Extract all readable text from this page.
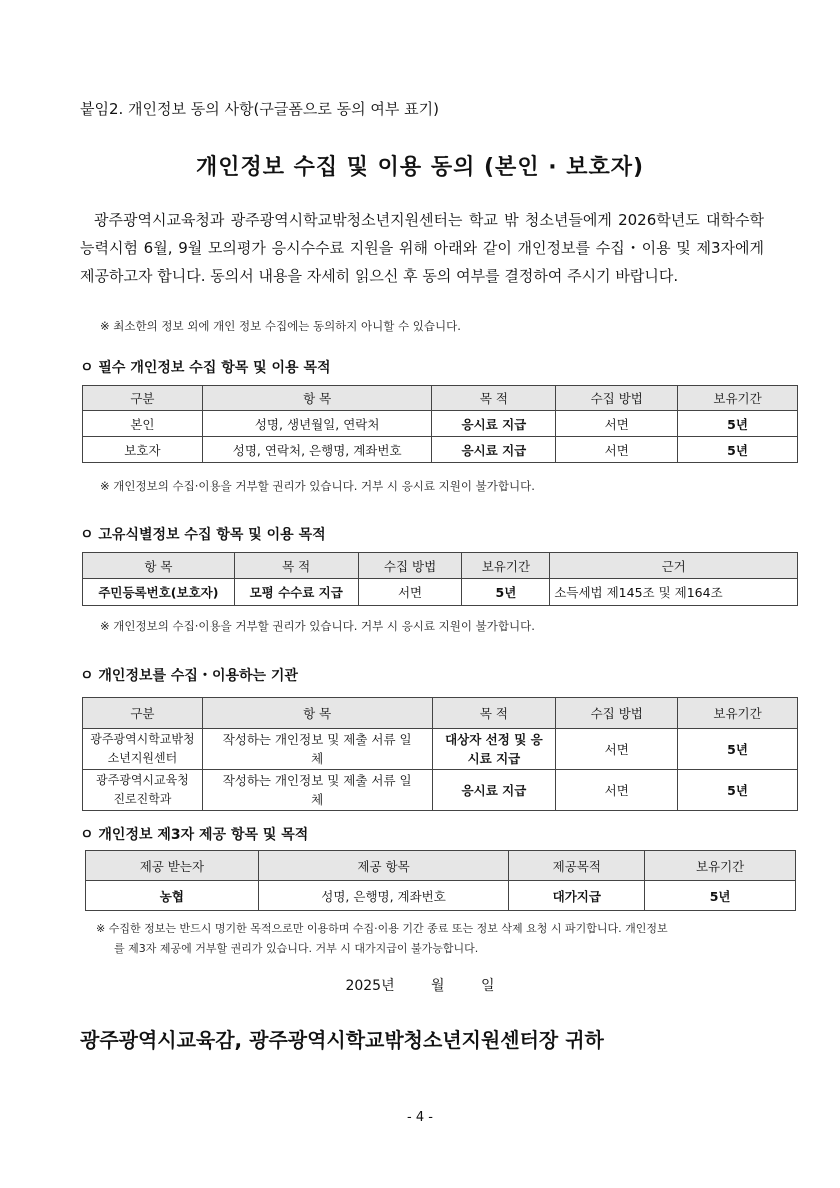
붙임2. 개인정보 동의 사항(구글폼으로 동의 여부 표기)
개인정보 수집 및 이용 동의 (본인 · 보호자)
광주광역시교육청과 광주광역시학교밖청소년지원센터는 학교 밖 청소년들에게 2026학년도 대학수학능력시험 6월, 9월 모의평가 응시수수료 지원을 위해 아래와 같이 개인정보를 수집・이용 및 제3자에게 제공하고자 합니다. 동의서 내용을 자세히 읽으신 후 동의 여부를 결정하여 주시기 바랍니다.
※ 최소한의 정보 외에 개인 정보 수집에는 동의하지 아니할 수 있습니다.
ㅇ 필수 개인정보 수집 항목 및 이용 목적
구분	항 목	목 적	수집 방법	보유기간
본인	성명, 생년월일, 연락처	응시료 지급	서면	5년
보호자	성명, 연락처, 은행명, 계좌번호	응시료 지급	서면	5년
※ 개인정보의 수집·이용을 거부할 권리가 있습니다. 거부 시 응시료 지원이 불가합니다.
ㅇ 고유식별정보 수집 항목 및 이용 목적
항 목	목 적	수집 방법	보유기간	근거
주민등록번호(보호자)	모평 수수료 지급	서면	5년	소득세법 제145조 및 제164조
※ 개인정보의 수집·이용을 거부할 권리가 있습니다. 거부 시 응시료 지원이 불가합니다.
ㅇ 개인정보를 수집・이용하는 기관
구분	항 목	목 적	수집 방법	보유기간
광주광역시학교밖청소년지원센터	작성하는 개인정보 및 제출 서류 일체	대상자 선정 및 응시료 지급	서면	5년
광주광역시교육청 진로진학과	작성하는 개인정보 및 제출 서류 일체	응시료 지급	서면	5년
ㅇ 개인정보 제3자 제공 항목 및 목적
제공 받는자	제공 항목	제공목적	보유기간
농협	성명, 은행명, 계좌번호	대가지급	5년
※ 수집한 정보는 반드시 명기한 목적으로만 이용하며 수집·이용 기간 종료 또는 정보 삭제 요청 시 파기합니다. 개인정보
를 제3자 제공에 거부할 권리가 있습니다. 거부 시 대가지급이 불가능합니다.
2025년 월 일
광주광역시교육감, 광주광역시학교밖청소년지원센터장 귀하
- 4 -
